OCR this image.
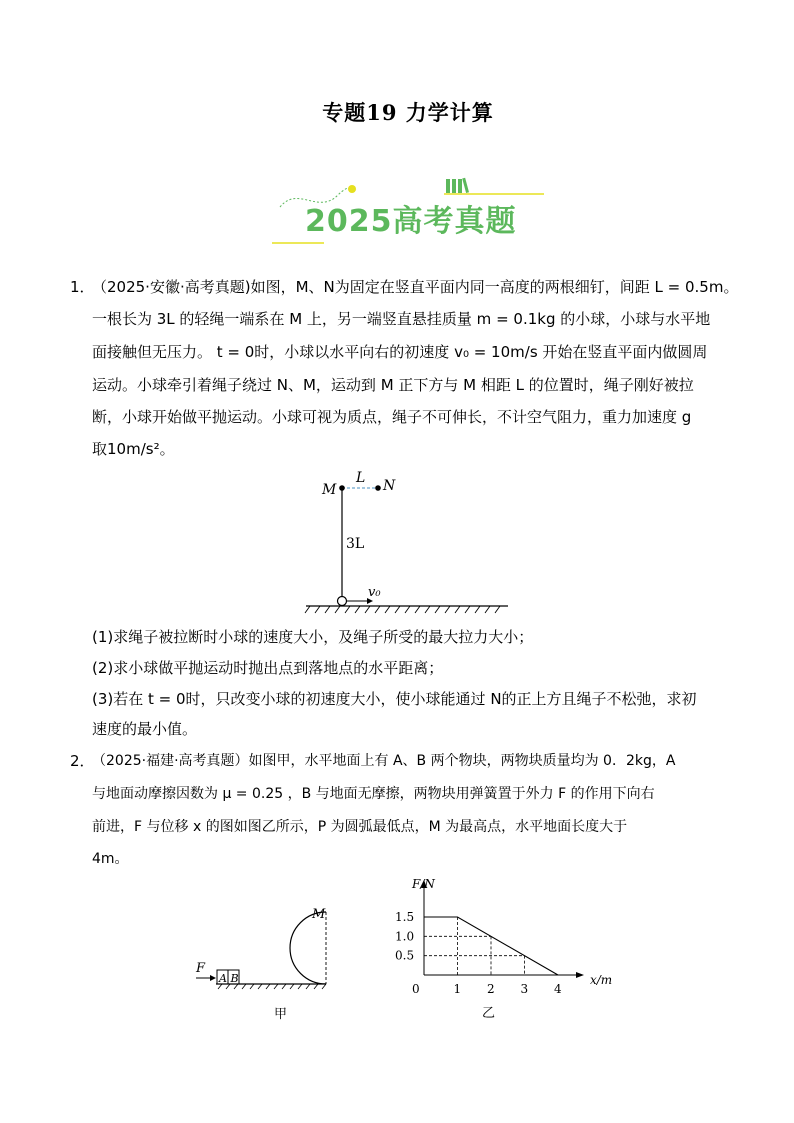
专题19 力学计算
2025高考真题
1．
（2025·安徽·高考真题)如图，M、N为固定在竖直平面内同一高度的两根细钉，间距 L = 0.5m。
一根长为 3L 的轻绳一端系在 M 上，另一端竖直悬挂质量 m = 0.1kg 的小球，小球与水平地
面接触但无压力。 t = 0时，小球以水平向右的初速度 v₀ = 10m/s 开始在竖直平面内做圆周
运动。小球牵引着绳子绕过 N、M，运动到 M 正下方与 M 相距 L 的位置时，绳子刚好被拉
断，小球开始做平抛运动。小球可视为质点，绳子不可伸长，不计空气阻力，重力加速度 g
取10m/s²。
M	N
L
3L
v₀
(1)求绳子被拉断时小球的速度大小，及绳子所受的最大拉力大小；
(2)求小球做平抛运动时抛出点到落地点的水平距离；
(3)若在 t = 0时，只改变小球的初速度大小，使小球能通过 N的正上方且绳子不松弛，求初
速度的最小值。
2．
（2025·福建·高考真题）如图甲，水平地面上有 A、B 两个物块，两物块质量均为 0．2kg，A
与地面动摩擦因数为 μ = 0.25 ，B 与地面无摩擦，两物块用弹簧置于外力 F 的作用下向右
前进，F 与位移 x 的图如图乙所示，P 为圆弧最低点，M 为最高点，水平地面长度大于
4m。
F
A B
M
甲
F/N
x/m
1.5
1.0
0.5
0	1 2 3 4
乙
